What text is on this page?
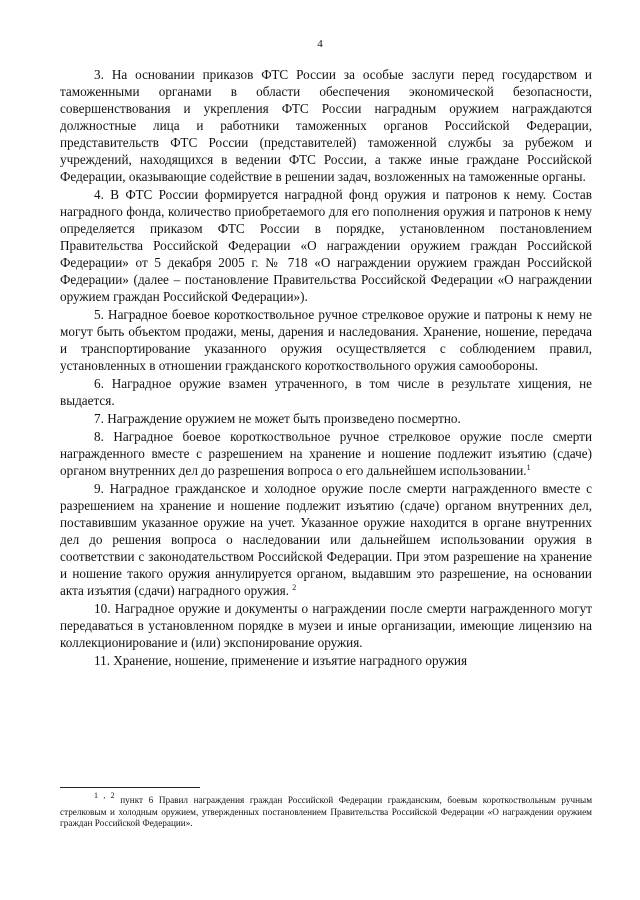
4

3. На основании приказов ФТС России за особые заслуги перед государством и таможенными органами в области обеспечения экономической безопасности, совершенствования и укрепления ФТС России наградным оружием награждаются должностные лица и работники таможенных органов Российской Федерации, представительств ФТС России (представителей) таможенной службы за рубежом и учреждений, находящихся в ведении ФТС России, а также иные граждане Российской Федерации, оказывающие содействие в решении задач, возложенных на таможенные органы.

4. В ФТС России формируется наградной фонд оружия и патронов к нему. Состав наградного фонда, количество приобретаемого для его пополнения оружия и патронов к нему определяется приказом ФТС России в порядке, установленном постановлением Правительства Российской Федерации «О награждении оружием граждан Российской Федерации» от 5 декабря 2005 г. № 718 «О награждении оружием граждан Российской Федерации» (далее – постановление Правительства Российской Федерации «О награждении оружием граждан Российской Федерации»).

5. Наградное боевое короткоствольное ручное стрелковое оружие и патроны к нему не могут быть объектом продажи, мены, дарения и наследования. Хранение, ношение, передача и транспортирование указанного оружия осуществляется с соблюдением правил, установленных в отношении гражданского короткоствольного оружия самообороны.

6. Наградное оружие взамен утраченного, в том числе в результате хищения, не выдается.

7. Награждение оружием не может быть произведено посмертно.

8. Наградное боевое короткоствольное ручное стрелковое оружие после смерти награжденного вместе с разрешением на хранение и ношение подлежит изъятию (сдаче) органом внутренних дел до разрешения вопроса о его дальнейшем использовании.$^1$

9. Наградное гражданское и холодное оружие после смерти награжденного вместе с разрешением на хранение и ношение подлежит изъятию (сдаче) органом внутренних дел, поставившим указанное оружие на учет. Указанное оружие находится в органе внутренних дел до решения вопроса о наследовании или дальнейшем использовании оружия в соответствии с законодательством Российской Федерации. При этом разрешение на хранение и ношение такого оружия аннулируется органом, выдавшим это разрешение, на основании акта изъятия (сдачи) наградного оружия. $^2$

10. Наградное оружие и документы о награждении после смерти награжденного могут передаваться в установленном порядке в музеи и иные организации, имеющие лицензию на коллекционирование и (или) экспонирование оружия.

11. Хранение, ношение, применение и изъятие наградного оружия

$^{1 , 2}$ пункт 6 Правил награждения граждан Российской Федерации гражданским, боевым короткоствольным ручным стрелковым и холодным оружием, утвержденных постановлением Правительства Российской Федерации «О награждении оружием граждан Российской Федерации».
